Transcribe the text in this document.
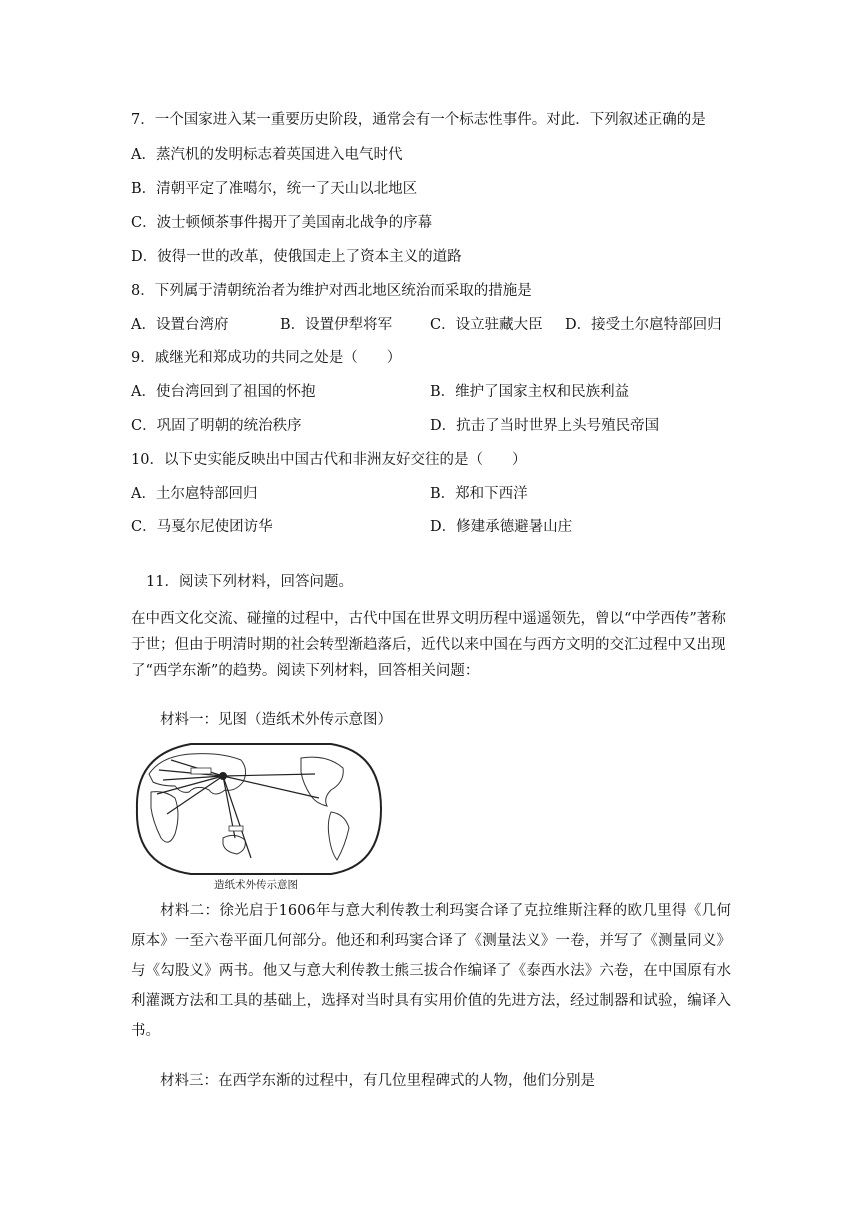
7．一个国家进入某一重要历史阶段，通常会有一个标志性事件。对此．下列叙述正确的是
A．蒸汽机的发明标志着英国进入电气时代
B．清朝平定了准噶尔，统一了天山以北地区
C．波士顿倾茶事件揭开了美国南北战争的序幕
D．彼得一世的改革，使俄国走上了资本主义的道路
8．下列属于清朝统治者为维护对西北地区统治而采取的措施是
A．设置台湾府	B．设置伊犁将军	C．设立驻藏大臣 D．接受土尔扈特部回归
9．戚继光和郑成功的共同之处是（　　）
A．使台湾回到了祖国的怀抱	B．维护了国家主权和民族利益
C．巩固了明朝的统治秩序	D．抗击了当时世界上头号殖民帝国
10．以下史实能反映出中国古代和非洲友好交往的是（　　）
A．土尔扈特部回归	B．郑和下西洋
C．马戛尔尼使团访华	D．修建承德避暑山庄
11．阅读下列材料，回答问题。
在中西文化交流、碰撞的过程中，古代中国在世界文明历程中遥遥领先，曾以“中学西传”著称于世；但由于明清时期的社会转型渐趋落后，近代以来中国在与西方文明的交汇过程中又出现了“西学东渐”的趋势。阅读下列材料，回答相关问题：
材料一：见图（造纸术外传示意图）
造纸术外传示意图
材料二：徐光启于1606年与意大利传教士利玛窦合译了克拉维斯注释的欧几里得《几何原本》一至六卷平面几何部分。他还和利玛窦合译了《测量法义》一卷，并写了《测量同义》与《勾股义》两书。他又与意大利传教士熊三拔合作编译了《泰西水法》六卷，在中国原有水利灌溉方法和工具的基础上，选择对当时具有实用价值的先进方法，经过制器和试验，编译入书。
材料三：在西学东渐的过程中，有几位里程碑式的人物，他们分别是
